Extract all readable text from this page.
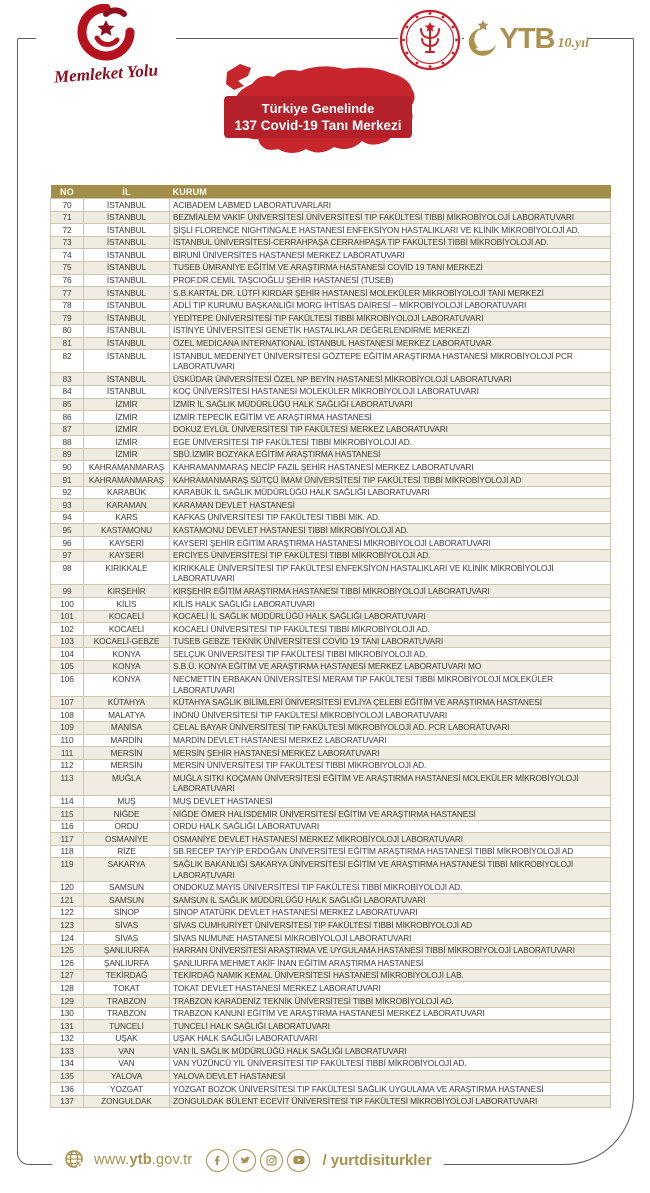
Memleket Yolu
YTB 10.yıl
Türkiye Genelinde
137 Covid-19 Tanı Merkezi
NO	İL	KURUM
70	İSTANBUL	ACIBADEM LABMED LABORATUVARLARI
71	İSTANBUL	BEZMİALEM VAKIF ÜNİVERSİTESİ ÜNİVERSİTESİ TIP FAKÜLTESİ TIBBİ MİKROBİYOLOJİ LABORATUVARI
72	İSTANBUL	ŞİŞLİ FLORENCE NIGHTINGALE HASTANESİ ENFEKSİYON HASTALIKLARI VE KLİNİK MİKROBİYOLOJİ AD.
73	İSTANBUL	İSTANBUL ÜNİVERSİTESİ-CERRAHPAŞA CERRAHPAŞA TIP FAKÜLTESİ TIBBİ MİKROBİYOLOJİ AD.
74	İSTANBUL	BİRUNİ ÜNİVERSİTES HASTANESİ MERKEZ LABORATUVARI
75	İSTANBUL	TUSEB ÜMRANİYE EĞİTİM VE ARAŞTIRMA HASTANESİ COVİD 19 TANI MERKEZİ
76	İSTANBUL	PROF.DR.CEMİL TAŞCIOĞLU ŞEHİR HASTANESİ (TUSEB)
77	İSTANBUL	S.B.KARTAL DR. LÜTFİ KIRDAR ŞEHİR HASTANESİ MOLEKÜLER MİKROBİYOLOJİ TANI MERKEZİ
78	İSTANBUL	ADLİ TIP KURUMU BAŞKANLIĞI MORG İHTİSAS DAİRESİ – MİKROBİYOLOJİ LABORATUVARI
79	İSTANBUL	YEDİTEPE ÜNİVERSİTESİ TIP FAKÜLTESİ TIBBİ MİKROBİYOLOJİ LABORATUVARI
80	İSTANBUL	İSTİNYE ÜNİVERSİTESİ GENETİK HASTALIKLAR DEĞERLENDİRME MERKEZİ
81	İSTANBUL	ÖZEL MEDİCANA INTERNATIONAL İSTANBUL HASTANESİ MERKEZ LABORATUVAR
82	İSTANBUL	İSTANBUL MEDENİYET ÜNİVERSİTESİ GÖZTEPE EĞİTİM ARAŞTIRMA HASTANESİ MİKROBİYOLOJİ PCR LABORATUVARI
83	İSTANBUL	ÜSKÜDAR ÜNİVERSİTESİ ÖZEL NP BEYİN HASTANESİ MİKROBİYOLOJİ LABORATUVARI
84	İSTANBUL	KOÇ ÜNİVERSİTESİ HASTANESİ MOLEKÜLER MİKROBİYOLOJİ LABORATUVARI
85	İZMİR	İZMİR İL SAĞLIK MÜDÜRLÜĞÜ HALK SAĞLIĞI LABORATUVARI
86	İZMİR	İZMİR TEPECİK EĞİTİM VE ARAŞTIRMA HASTANESİ
87	İZMİR	DOKUZ EYLÜL ÜNİVERSİTESİ TIP FAKÜLTESİ MERKEZ LABORATUVARI
88	İZMİR	EGE ÜNİVERSİTESİ TIP FAKÜLTESİ TIBBİ MİKROBİYOLOJİ AD.
89	İZMİR	SBÜ.İZMİR BOZYAKA EĞİTİM ARAŞTIRMA HASTANESİ
90	KAHRAMANMARAŞ	KAHRAMANMARAŞ NECİP FAZIL ŞEHİR HASTANESİ MERKEZ LABORATUVARI
91	KAHRAMANMARAŞ	KAHRAMANMARAŞ SÜTÇÜ İMAM ÜNİVERSİTESİ TIP FAKÜLTESİ TIBBİ MİKROBİYOLOJİ AD
92	KARABÜK	KARABÜK İL SAĞLIK MÜDÜRLÜĞÜ HALK SAĞLIĞI LABORATUVARI
93	KARAMAN	KARAMAN DEVLET HASTANESİ
94	KARS	KAFKAS ÜNİVERSİTESİ TIP FAKÜLTESİ TIBBİ MİK. AD.
95	KASTAMONU	KASTAMONU DEVLET HASTANESİ TIBBİ MİKROBİYOLOJİ AD.
96	KAYSERİ	KAYSERİ ŞEHİR EĞİTİM ARAŞTIRMA HASTANESİ MİKROBİYOLOJİ LABORATUVARI
97	KAYSERİ	ERCİYES ÜNİVERSİTESİ TIP FAKÜLTESİ TIBBİ MİKROBİYOLOJİ AD.
98	KIRIKKALE	KIRIKKALE ÜNİVERSİTESİ TIP FAKÜLTESİ ENFEKSİYON HASTALIKLARI VE KLİNİK MİKROBİYOLOJİ LABORATUVARI
99	KIRŞEHİR	KIRŞEHİR EĞİTİM ARAŞTIRMA HASTANESİ TIBBİ MİKROBİYOLOJİ LABORATUVARI
100	KİLİS	KİLİS HALK SAĞLIĞI LABORATUVARI
101	KOCAELİ	KOCAELİ İL SAĞLIK MÜDÜRLÜĞÜ HALK SAĞLIĞI LABORATUVARI
102	KOCAELİ	KOCAELİ ÜNİVERSİTESİ TIP FAKÜLTESİ TIBBİ MİKROBİYOLOJİ AD.
103	KOCAELİ-GEBZE	TUSEB GEBZE TEKNİK ÜNİVERSİTESİ COVİD 19 TANI LABORATUVARI
104	KONYA	SELÇUK ÜNİVERSİTESİ TIP FAKÜLTESİ TIBBİ MİKROBİYOLOJİ AD.
105	KONYA	S.B.Ü. KONYA EĞİTİM VE ARAŞTIRMA HASTANESİ MERKEZ LABORATUVARI MO
106	KONYA	NECMETTİN ERBAKAN ÜNİVERSİTESİ MERAM TIP FAKÜLTESİ TIBBİ MİKROBİYOLOJİ MOLEKÜLER LABORATUVARI
107	KÜTAHYA	KÜTAHYA SAĞLIK BİLİMLERİ ÜNİVERSİTESİ EVLİYA ÇELEBİ EĞİTİM VE ARAŞTIRMA HASTANESİ
108	MALATYA	İNÖNÜ ÜNİVERSİTESİ TIP FAKÜLTESİ MİKROBİYOLOJİ LABORATUVARI
109	MANİSA	CELAL BAYAR ÜNİVERSİTESİ TIP FAKÜLTESİ MİKROBİYOLOJİ AD. PCR LABORATUVARI
110	MARDİN	MARDİN DEVLET HASTANESİ MERKEZ LABORATUVARI
111	MERSİN	MERSİN ŞEHİR HASTANESİ MERKEZ LABORATUVARI
112	MERSİN	MERSİN ÜNİVERSİTESİ TIP FAKÜLTESİ TIBBİ MİKROBİYOLOJİ AD.
113	MUĞLA	MUĞLA SITKI KOÇMAN ÜNİVERSİTESİ EĞİTİM VE ARAŞTIRMA HASTANESİ MOLEKÜLER MİKROBİYOLOJİ LABORATUVARI
114	MUŞ	MUŞ DEVLET HASTANESİ
115	NİĞDE	NİĞDE ÖMER HALİSDEMİR ÜNİVERSİTESİ EĞİTİM VE ARAŞTIRMA HASTANESİ
116	ORDU	ORDU HALK SAĞLIĞI LABORATUVARI
117	OSMANİYE	OSMANİYE DEVLET HASTANESİ MERKEZ MİKROBİYOLOJİ LABORATUVARI
118	RİZE	SB.RECEP TAYYİP ERDOĞAN ÜNİVERSİTESİ EĞİTİM ARAŞTIRMA HASTANESİ TIBBİ MİKROBİYOLOJİ AD
119	SAKARYA	SAĞLIK BAKANLIĞI SAKARYA ÜNİVERSİTESİ EĞİTİM VE ARAŞTIRMA HASTANESİ TIBBİ MİKROBİYOLOJİ LABORATUVARI
120	SAMSUN	ONDOKUZ MAYIS ÜNİVERSİTESİ TIP FAKÜLTESİ TIBBİ MİKROBİYOLOJİ AD.
121	SAMSUN	SAMSUN İL SAĞLIK MÜDÜRLÜĞÜ HALK SAĞLIĞI LABORATUVARI
122	SİNOP	SİNOP ATATÜRK DEVLET HASTANESİ MERKEZ LABORATUVARI
123	SİVAS	SİVAS CUMHURİYET ÜNİVERSİTESİ TIP FAKÜLTESİ TIBBİ MİKROBİYOLOJİ AD
124	SİVAS	SİVAS NUMUNE HASTANESİ MİKROBİYOLOJİ LABORATUVARI
125	ŞANLIURFA	HARRAN ÜNİVERSİTESİ ARAŞTIRMA VE UYGULAMA HASTANESİ TIBBİ MİKROBİYOLOJİ LABORATUVARI
126	ŞANLIURFA	ŞANLIURFA MEHMET AKİF İNAN EĞİTİM ARAŞTIRMA HASTANESİ
127	TEKİRDAĞ	TEKİRDAĞ NAMIK KEMAL ÜNİVERSİTESİ HASTANESİ MİKROBİYOLOJİ LAB.
128	TOKAT	TOKAT DEVLET HASTANESİ MERKEZ LABORATUVARI
129	TRABZON	TRABZON KARADENİZ TEKNİK ÜNİVERSİTESİ TIBBİ MİKROBİYOLOJİ AD.
130	TRABZON	TRABZON KANUNİ EĞİTİM VE ARAŞTIRMA HASTANESİ MERKEZ LABORATUVARI
131	TUNCELİ	TUNCELİ HALK SAĞLIĞI LABORATUVARI
132	UŞAK	UŞAK HALK SAĞLIĞI LABORATUVARI
133	VAN	VAN İL SAĞLIK MÜDÜRLÜĞÜ HALK SAĞLIĞI LABORATUVARI
134	VAN	VAN YÜZÜNCÜ YIL ÜNİVERSİTESİ TIP FAKÜLTESİ TIBBİ MİKROBİYOLOJİ AD.
135	YALOVA	YALOVA DEVLET HASTANESİ
136	YOZGAT	YOZGAT BOZOK ÜNİVERSİTESİ TIP FAKÜLTESİ SAĞLIK UYGULAMA VE ARAŞTIRMA HASTANESİ
137	ZONGULDAK	ZONGULDAK BÜLENT ECEVİT ÜNİVERSİTESİ TIP FAKÜLTESİ MİKROBİYOLOJİ LABORATUVARI
www.ytb.gov.tr	/ yurtdisiturkler
